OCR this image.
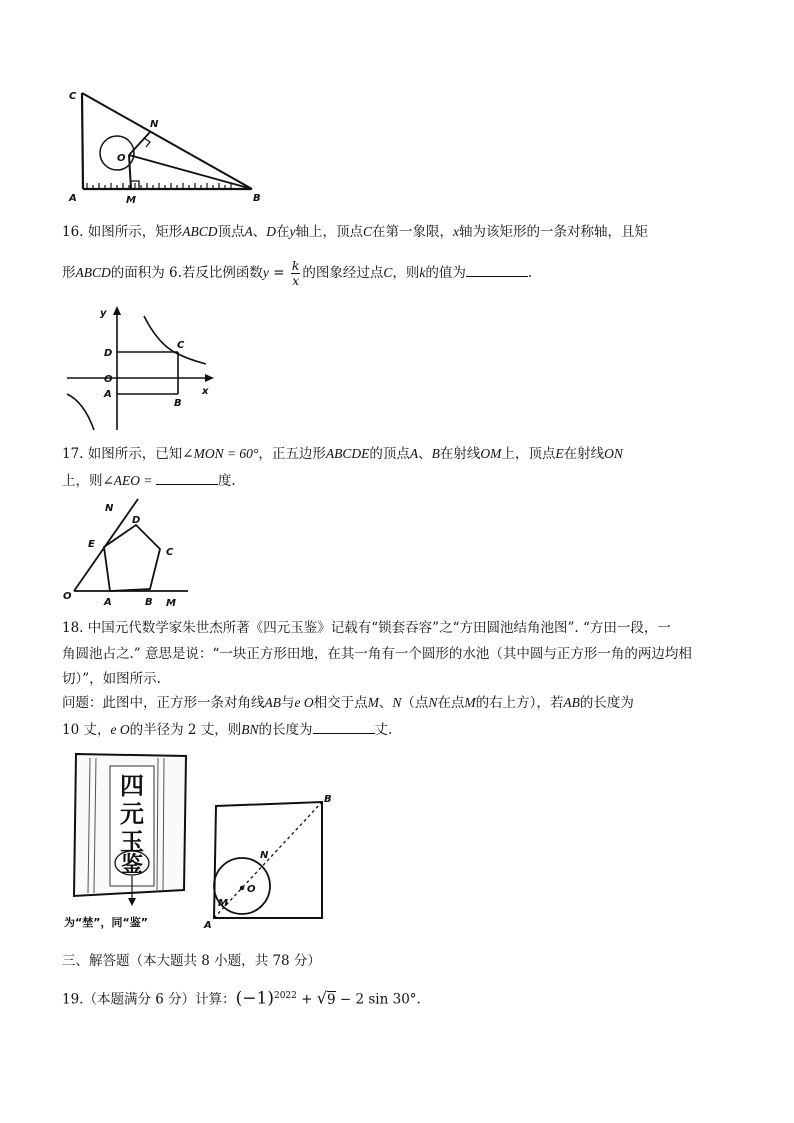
C
N
O
A	M	B
16. 如图所示，矩形ABCD顶点A、D在y轴上，顶点C在第一象限，x轴为该矩形的一条对称轴，且矩
形ABCD的面积为 6.若反比例函数$y = \frac{k}{x}$ 的图象经过点C，则k的值为	.
y
D
C
O
A
B
x
17. 如图所示，已知∠MON = 60°，正五边形ABCDE的顶点A、B在射线OM上，顶点E在射线ON
上，则∠AEO =	度.
N
D
E
C
O
A	B M
18. 中国元代数学家朱世杰所著《四元玉鉴》记载有“锁套吞容”之“方田圆池结角池图”. “方田一段，一
角圆池占之.” 意思是说：“一块正方形田地，在其一角有一个圆形的水池（其中圆与正方形一角的两边均相
切）”，如图所示.
问题：此图中，正方形一条对角线AB与e O相交于点M、N（点N在点M的右上方），若AB的长度为
10 丈，e O的半径为 2 丈，则BN的长度为	丈.
四
元
玉
鉴
为“埜”，同“鉴”
B
N
M
O
A
三、解答题（本大题共 8 小题，共 78 分）
19.（本题满分 6 分）计算：$(-1)^{2022} + √9 - 2$ sin 30°.
